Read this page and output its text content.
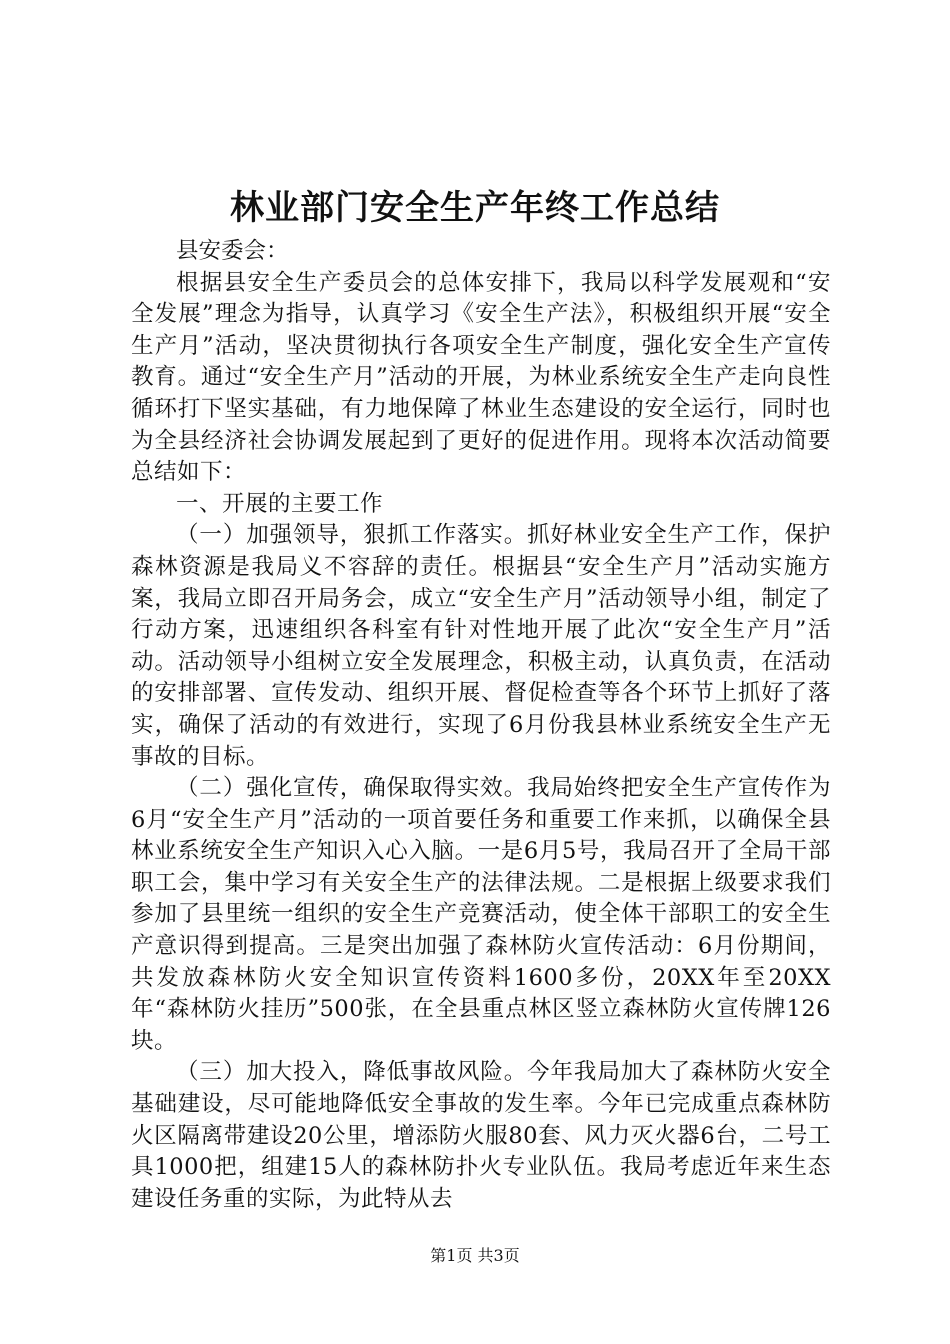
林业部门安全生产年终工作总结

县安委会：

根据县安全生产委员会的总体安排下，我局以科学发展观和“安全发展”理念为指导，认真学习《安全生产法》，积极组织开展“安全生产月”活动，坚决贯彻执行各项安全生产制度，强化安全生产宣传教育。通过“安全生产月”活动的开展，为林业系统安全生产走向良性循环打下坚实基础，有力地保障了林业生态建设的安全运行，同时也为全县经济社会协调发展起到了更好的促进作用。现将本次活动简要总结如下：

一、开展的主要工作

（一）加强领导，狠抓工作落实。抓好林业安全生产工作，保护森林资源是我局义不容辞的责任。根据县“安全生产月”活动实施方案，我局立即召开局务会，成立“安全生产月”活动领导小组，制定了行动方案，迅速组织各科室有针对性地开展了此次“安全生产月”活动。活动领导小组树立安全发展理念，积极主动，认真负责，在活动的安排部署、宣传发动、组织开展、督促检查等各个环节上抓好了落实，确保了活动的有效进行，实现了6月份我县林业系统安全生产无事故的目标。

（二）强化宣传，确保取得实效。我局始终把安全生产宣传作为6月“安全生产月”活动的一项首要任务和重要工作来抓，以确保全县林业系统安全生产知识入心入脑。一是6月5号，我局召开了全局干部职工会，集中学习有关安全生产的法律法规。二是根据上级要求我们参加了县里统一组织的安全生产竞赛活动，使全体干部职工的安全生产意识得到提高。三是突出加强了森林防火宣传活动：6月份期间，共发放森林防火安全知识宣传资料1600多份，20XX年至20XX年“森林防火挂历”500张，在全县重点林区竖立森林防火宣传牌126块。

（三）加大投入，降低事故风险。今年我局加大了森林防火安全基础建设，尽可能地降低安全事故的发生率。今年已完成重点森林防火区隔离带建设20公里，增添防火服80套、风力灭火器6台，二号工具1000把，组建15人的森林防扑火专业队伍。我局考虑近年来生态建设任务重的实际，为此特从去

第1页 共3页
